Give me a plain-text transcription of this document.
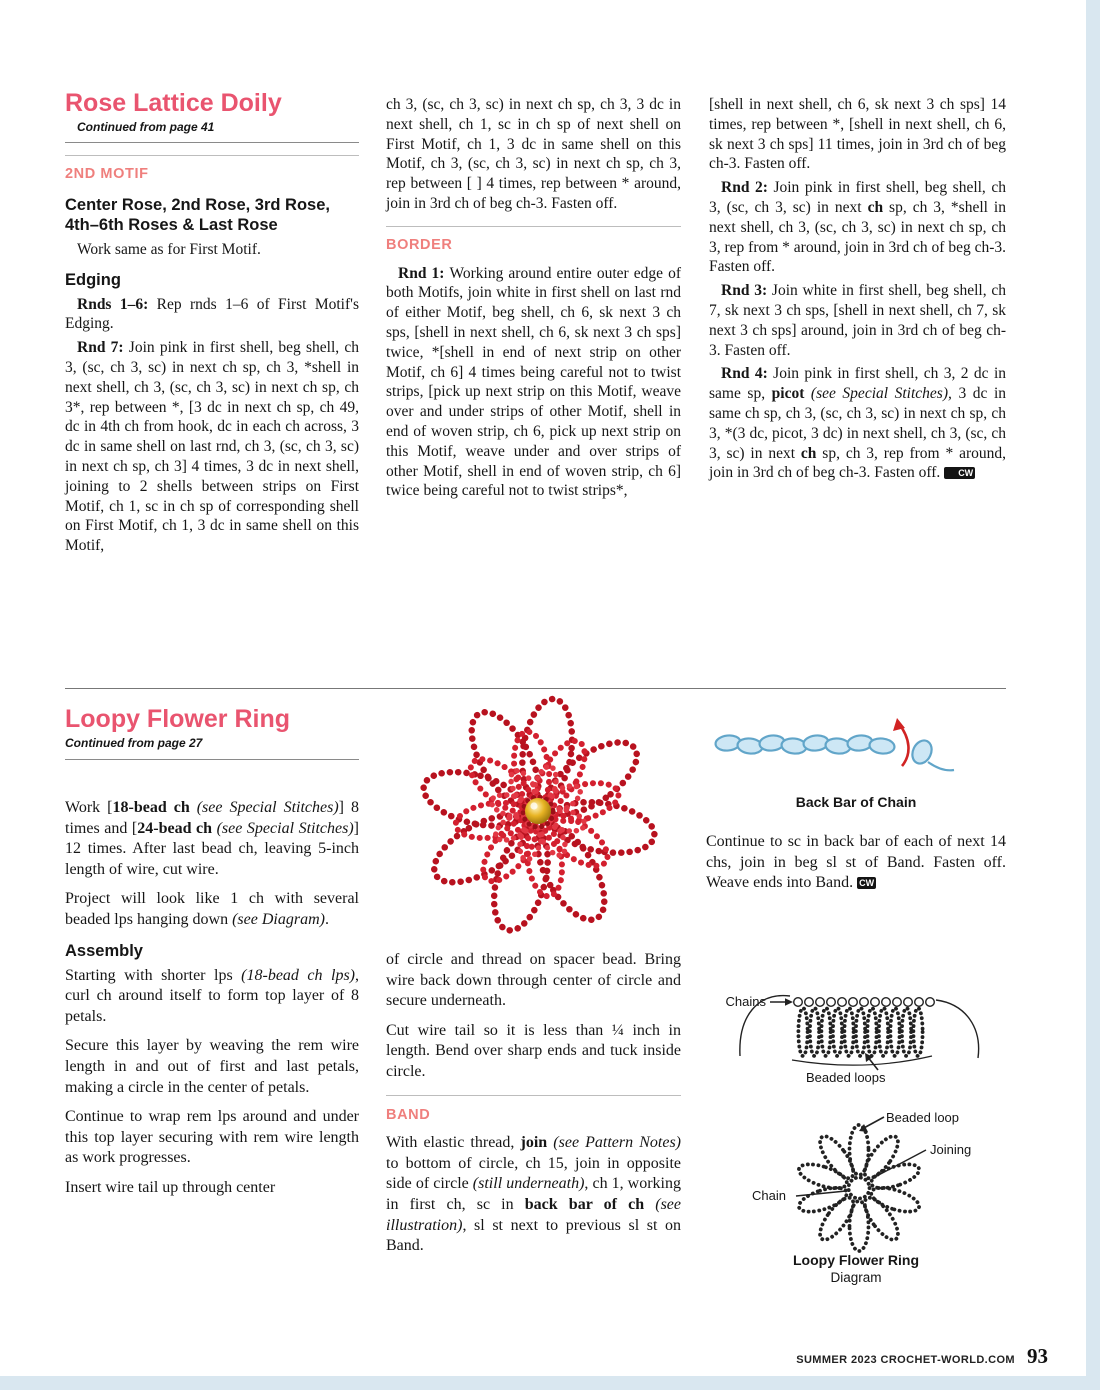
Rose Lattice Doily

Continued from page 41

2ND MOTIF
Center Rose, 2nd Rose, 3rd Rose, 4th–6th Roses & Last Rose

Work same as for First Motif.

Edging

Rnds 1–6: Rep rnds 1–6 of First Motif's Edging.

Rnd 7: Join pink in first shell, beg shell, ch 3, (sc, ch 3, sc) in next ch sp, ch 3, *shell in next shell, ch 3, (sc, ch 3, sc) in next ch sp, ch 3*, rep between *, [3 dc in next ch sp, ch 49, dc in 4th ch from hook, dc in each ch across, 3 dc in same shell on last rnd, ch 3, (sc, ch 3, sc) in next ch sp, ch 3] 4 times, 3 dc in next shell, joining to 2 shells between strips on First Motif, ch 1, sc in ch sp of corresponding shell on First Motif, ch 1, 3 dc in same shell on this Motif,

ch 3, (sc, ch 3, sc) in next ch sp, ch 3, 3 dc in next shell, ch 1, sc in ch sp of next shell on First Motif, ch 1, 3 dc in same shell on this Motif, ch 3, (sc, ch 3, sc) in next ch sp, ch 3, rep between [ ] 4 times, rep between * around, join in 3rd ch of beg ch-3. Fasten off.

BORDER

Rnd 1: Working around entire outer edge of both Motifs, join white in first shell on last rnd of either Motif, beg shell, ch 6, sk next 3 ch sps, [shell in next shell, ch 6, sk next 3 ch sps] twice, *[shell in end of next strip on other Motif, ch 6] 4 times being careful not to twist strips, [pick up next strip on this Motif, weave over and under strips of other Motif, shell in end of woven strip, ch 6, pick up next strip on this Motif, weave under and over strips of other Motif, shell in end of woven strip, ch 6] twice being careful not to twist strips*,

[shell in next shell, ch 6, sk next 3 ch sps] 14 times, rep between *, [shell in next shell, ch 6, sk next 3 ch sps] 11 times, join in 3rd ch of beg ch-3. Fasten off.

Rnd 2: Join pink in first shell, beg shell, ch 3, (sc, ch 3, sc) in next ch sp, ch 3, *shell in next shell, ch 3, (sc, ch 3, sc) in next ch sp, ch 3, rep from * around, join in 3rd ch of beg ch-3. Fasten off.

Rnd 3: Join white in first shell, beg shell, ch 7, sk next 3 ch sps, [shell in next shell, ch 7, sk next 3 ch sps] around, join in 3rd ch of beg ch-3. Fasten off.

Rnd 4: Join pink in first shell, ch 3, 2 dc in same sp, picot (see Special Stitches), 3 dc in same ch sp, ch 3, (sc, ch 3, sc) in next ch sp, ch 3, *(3 dc, picot, 3 dc) in next shell, ch 3, (sc, ch 3, sc) in next ch sp, ch 3, rep from * around, join in 3rd ch of beg ch-3. Fasten off. CW

Loopy Flower Ring

Continued from page 27

Work [18-bead ch (see Special Stitches)] 8 times and [24-bead ch (see Special Stitches)] 12 times. After last bead ch, leaving 5-inch length of wire, cut wire.

Project will look like 1 ch with several beaded lps hanging down (see Diagram).

Assembly

Starting with shorter lps (18-bead ch lps), curl ch around itself to form top layer of 8 petals.

Secure this layer by weaving the rem wire length in and out of first and last petals, making a circle in the center of petals.

Continue to wrap rem lps around and under this top layer securing with rem wire length as work progresses.

Insert wire tail up through center

of circle and thread on spacer bead. Bring wire back down through center of circle and secure underneath.

Cut wire tail so it is less than ¼ inch in length. Bend over sharp ends and tuck inside circle.

BAND

With elastic thread, join (see Pattern Notes) to bottom of circle, ch 15, join in opposite side of circle (still underneath), ch 1, working in first ch, sc in back bar of ch (see illustration), sl st next to previous sl st on Band.

Back Bar of Chain

Continue to sc in back bar of each of next 14 chs, join in beg sl st of Band. Fasten off. Weave ends into Band. CW

Chains
Beaded loops
Beaded loop
Joining
Chain
Loopy Flower Ring
Diagram
SUMMER 2023 CROCHET-WORLD.COM 93
